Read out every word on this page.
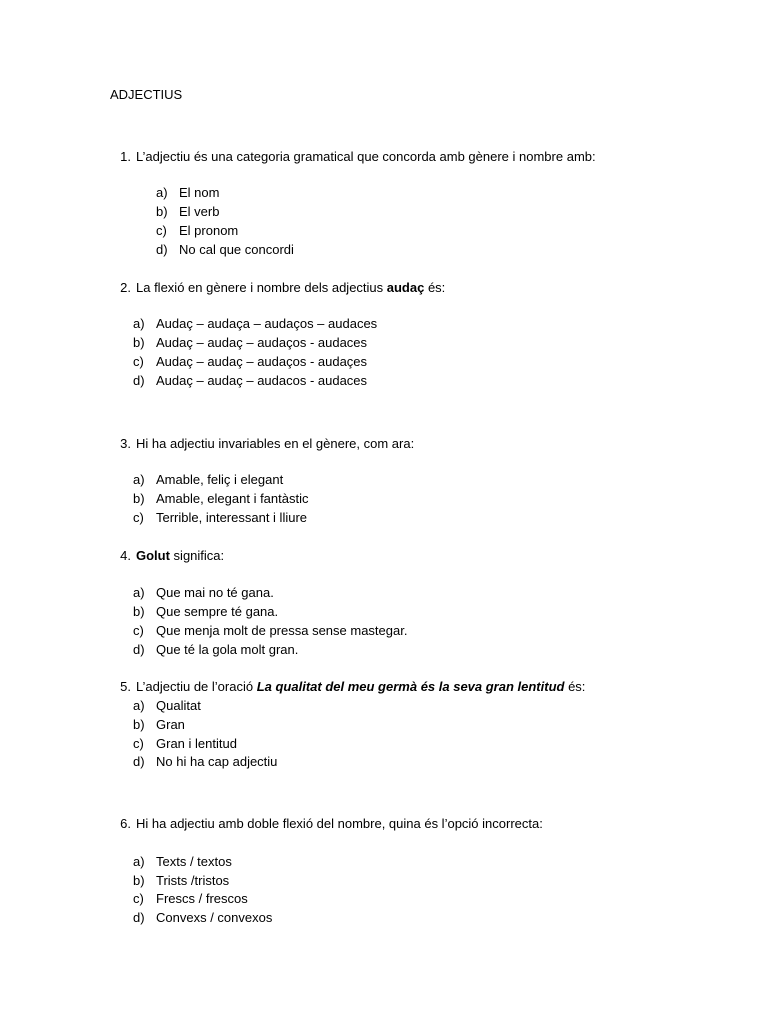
ADJECTIUS
1. L’adjectiu és una categoria gramatical que concorda amb gènere i nombre amb:
a) El nom
b) El verb
c) El pronom
d) No cal que concordi
2. La flexió en gènere i nombre dels adjectius audaç és:
a) Audaç – audaça – audaços – audaces
b) Audaç – audaç – audaços - audaces
c) Audaç – audaç – audaços - audaçes
d) Audaç – audaç – audacos - audaces
3. Hi ha adjectiu invariables en el gènere, com ara:
a) Amable, feliç i elegant
b) Amable, elegant i fantàstic
c) Terrible, interessant i lliure
4. Golut significa:
a) Que mai no té gana.
b) Que sempre té gana.
c) Que menja molt de pressa sense mastegar.
d) Que té la gola molt gran.
5. L’adjectiu de l’oració La qualitat del meu germà és la seva gran lentitud és:
a) Qualitat
b) Gran
c) Gran i lentitud
d) No hi ha cap adjectiu
6. Hi ha adjectiu amb doble flexió del nombre, quina és l’opció incorrecta:
a) Texts / textos
b) Trists /tristos
c) Frescs / frescos
d) Convexs / convexos
